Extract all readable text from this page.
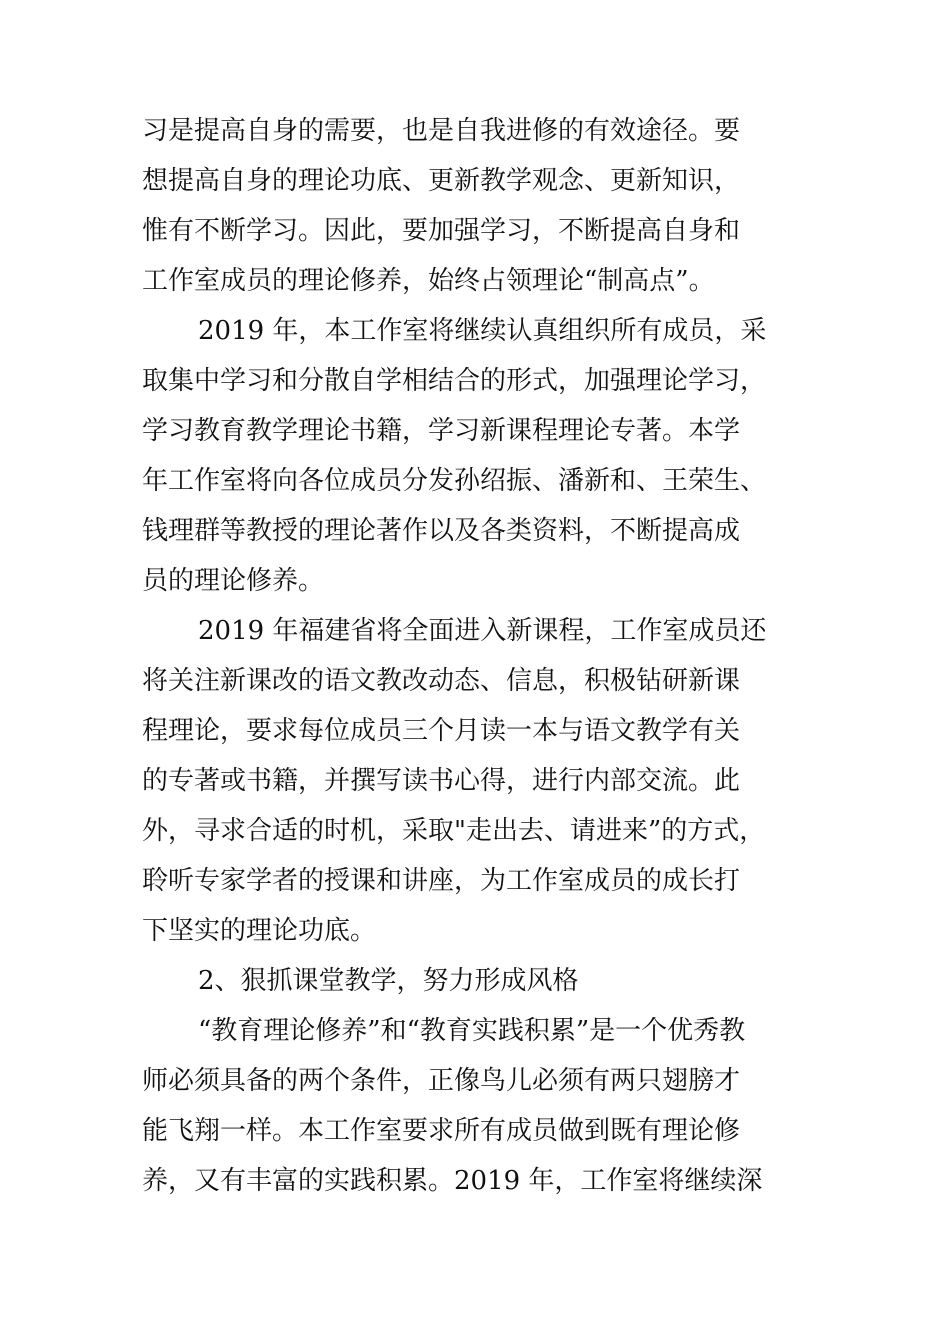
习是提高自身的需要，也是自我进修的有效途径。要
想提高自身的理论功底、更新教学观念、更新知识，
惟有不断学习。因此，要加强学习，不断提高自身和
工作室成员的理论修养，始终占领理论“制高点”。
2019 年，本工作室将继续认真组织所有成员，采
取集中学习和分散自学相结合的形式，加强理论学习，
学习教育教学理论书籍，学习新课程理论专著。本学
年工作室将向各位成员分发孙绍振、潘新和、王荣生、
钱理群等教授的理论著作以及各类资料，不断提高成
员的理论修养。
2019 年福建省将全面进入新课程，工作室成员还
将关注新课改的语文教改动态、信息，积极钻研新课
程理论，要求每位成员三个月读一本与语文教学有关
的专著或书籍，并撰写读书心得，进行内部交流。此
外，寻求合适的时机，采取"走出去、请进来”的方式，
聆听专家学者的授课和讲座，为工作室成员的成长打
下坚实的理论功底。
2、狠抓课堂教学，努力形成风格
“教育理论修养”和“教育实践积累”是一个优秀教
师必须具备的两个条件，正像鸟儿必须有两只翅膀才
能飞翔一样。本工作室要求所有成员做到既有理论修
养，又有丰富的实践积累。2019 年，工作室将继续深
